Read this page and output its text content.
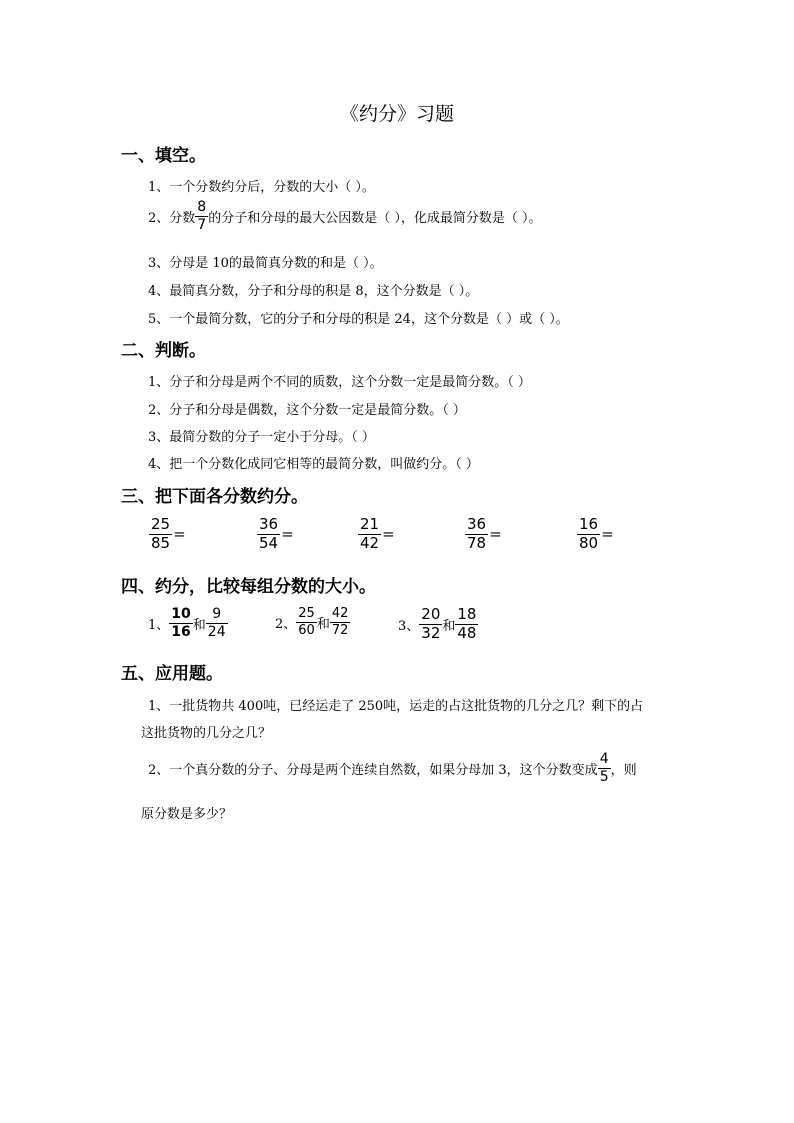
《约分》习题
一、填空。
1、一个分数约分后，分数的大小（ ）。
2、分数 $\frac{8}{7}$ 的分子和分母的最大公因数是（ ），化成最简分数是（ ）。
3、分母是 10的最简真分数的和是（ ）。
4、最简真分数，分子和分母的积是 8，这个分数是（ ）。
5、一个最简分数，它的分子和分母的积是 24，这个分数是（ ）或（ ）。
二、判断。
1、分子和分母是两个不同的质数，这个分数一定是最简分数。（ ）
2、分子和分母是偶数，这个分数一定是最简分数。（ ）
3、最简分数的分子一定小于分母。（ ）
4、把一个分数化成同它相等的最简分数，叫做约分。（ ）
三、把下面各分数约分。
$\frac{25}{85}$ =	$\frac{36}{54}$ =	$\frac{21}{42}$ =	$\frac{36}{78}$ =	$\frac{16}{80}$ =
四、约分，比较每组分数的大小。
1、 $\frac{10}{16}$ 和 $\frac{9}{24}$	2、 $\frac{25}{60}$ 和 $\frac{42}{72}$	3、 $\frac{20}{32}$ 和 $\frac{18}{48}$
五、应用题。
1、一批货物共 400吨，已经运走了 250吨，运走的占这批货物的几分之几？剩下的占
这批货物的几分之几？
2、一个真分数的分子、分母是两个连续自然数，如果分母加 3，这个分数变成 $\frac{4}{5}$ ，则
原分数是多少？
